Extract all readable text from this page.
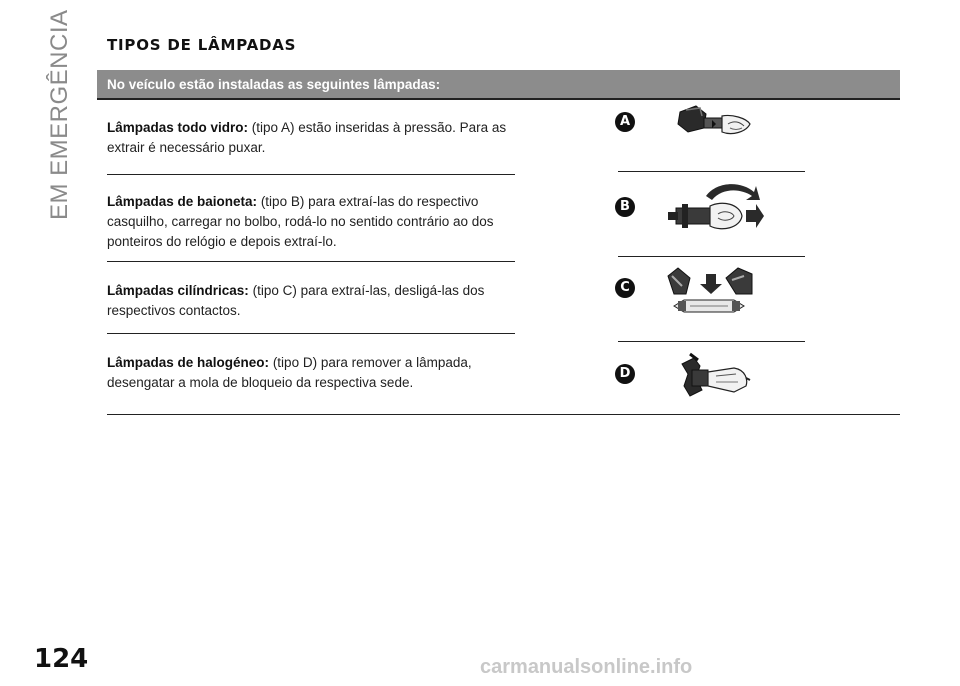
EM EMERGÊNCIA TIPOS DE LÂMPADAS
No veículo estão instaladas as seguintes lâmpadas:
Lâmpadas todo vidro: (tipo A) estão inseridas à pressão. Para as extrair é necessário puxar.
Lâmpadas de baioneta: (tipo B) para extraí-las do respectivo casquilho, carregar no bolbo, rodá-lo no sentido contrário ao dos ponteiros do relógio e depois extraí-lo.
Lâmpadas cilíndricas: (tipo C) para extraí-las, desligá-las dos respectivos contactos.
Lâmpadas de halogéneo: (tipo D) para remover a lâmpada, desengatar a mola de bloqueio da respectiva sede.
A
B
C
D
124	carmanualsonline.info
